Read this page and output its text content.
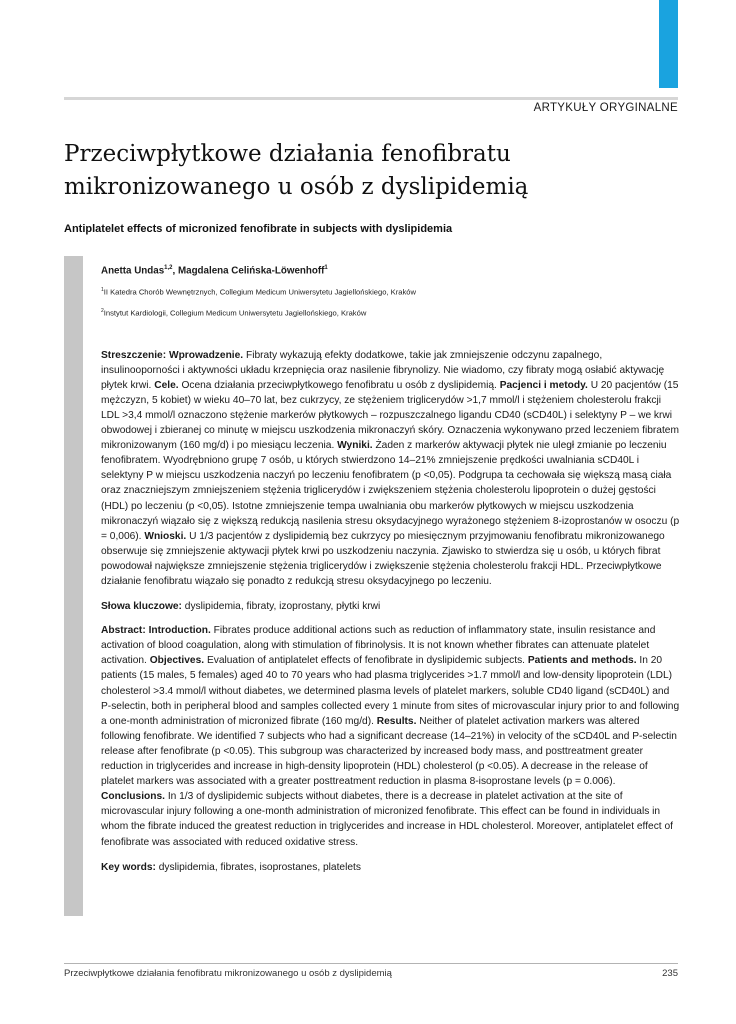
ARTYKUŁY ORYGINALNE
Przeciwpłytkowe działania fenofibratu mikronizowanego u osób z dyslipidemią

Antiplatelet effects of micronized fenofibrate in subjects with dyslipidemia

Anetta Undas$^{1,2}$, Magdalena Celińska-Löwenhoff$^1$

$^1$II Katedra Chorób Wewnętrznych, Collegium Medicum Uniwersytetu Jagiellońskiego, Kraków

$^2$Instytut Kardiologii, Collegium Medicum Uniwersytetu Jagiellońskiego, Kraków

Streszczenie: Wprowadzenie. Fibraty wykazują efekty dodatkowe, takie jak zmniejszenie odczynu zapalnego, insulinooporności i aktywności układu krzepnięcia oraz nasilenie fibrynolizy. Nie wiadomo, czy fibraty mogą osłabić aktywację płytek krwi. Cele. Ocena działania przeciwpłytkowego fenofibratu u osób z dyslipidemią. Pacjenci i metody. U 20 pacjentów (15 mężczyzn, 5 kobiet) w wieku 40–70 lat, bez cukrzycy, ze stężeniem triglicerydów >1,7 mmol/l i stężeniem cholesterolu frakcji LDL >3,4 mmol/l oznaczono stężenie markerów płytkowych – rozpuszczalnego ligandu CD40 (sCD40L) i selektyny P – we krwi obwodowej i zbieranej co minutę w miejscu uszkodzenia mikronaczyń skóry. Oznaczenia wykonywano przed leczeniem fibratem mikronizowanym (160 mg/d) i po miesiącu leczenia. Wyniki. Żaden z markerów aktywacji płytek nie uległ zmianie po leczeniu fenofibratem. Wyodrębniono grupę 7 osób, u których stwierdzono 14–21% zmniejszenie prędkości uwalniania sCD40L i selektyny P w miejscu uszkodzenia naczyń po leczeniu fenofibratem (p <0,05). Podgrupa ta cechowała się większą masą ciała oraz znaczniejszym zmniejszeniem stężenia triglicerydów i zwiększeniem stężenia cholesterolu lipoprotein o dużej gęstości (HDL) po leczeniu (p <0,05). Istotne zmniejszenie tempa uwalniania obu markerów płytkowych w miejscu uszkodzenia mikronaczyń wiązało się z większą redukcją nasilenia stresu oksydacyjnego wyrażonego stężeniem 8-izoprostanów w osoczu (p = 0,006). Wnioski. U 1/3 pacjentów z dyslipidemią bez cukrzycy po miesięcznym przyjmowaniu fenofibratu mikronizowanego obserwuje się zmniejszenie aktywacji płytek krwi po uszkodzeniu naczynia. Zjawisko to stwierdza się u osób, u których fibrat powodował największe zmniejszenie stężenia triglicerydów i zwiększenie stężenia cholesterolu frakcji HDL. Przeciwpłytkowe działanie fenofibratu wiązało się ponadto z redukcją stresu oksydacyjnego po leczeniu.

Słowa kluczowe: dyslipidemia, fibraty, izoprostany, płytki krwi

Abstract: Introduction. Fibrates produce additional actions such as reduction of inflammatory state, insulin resistance and activation of blood coagulation, along with stimulation of fibrinolysis. It is not known whether fibrates can attenuate platelet activation. Objectives. Evaluation of antiplatelet effects of fenofibrate in dyslipidemic subjects. Patients and methods. In 20 patients (15 males, 5 females) aged 40 to 70 years who had plasma triglycerides >1.7 mmol/l and low-density lipoprotein (LDL) cholesterol >3.4 mmol/l without diabetes, we determined plasma levels of platelet markers, soluble CD40 ligand (sCD40L) and P-selectin, both in peripheral blood and samples collected every 1 minute from sites of microvascular injury prior to and following a one-month administration of micronized fibrate (160 mg/d). Results. Neither of platelet activation markers was altered following fenofibrate. We identified 7 subjects who had a significant decrease (14–21%) in velocity of the sCD40L and P-selectin release after fenofibrate (p <0.05). This subgroup was characterized by increased body mass, and posttreatment greater reduction in triglycerides and increase in high-density lipoprotein (HDL) cholesterol (p <0.05). A decrease in the release of platelet markers was associated with a greater posttreatment reduction in plasma 8-isoprostane levels (p = 0.006). Conclusions. In 1/3 of dyslipidemic subjects without diabetes, there is a decrease in platelet activation at the site of microvascular injury following a one-month administration of micronized fenofibrate. This effect can be found in individuals in whom the fibrate induced the greatest reduction in triglycerides and increase in HDL cholesterol. Moreover, antiplatelet effect of fenofibrate was associated with reduced oxidative stress.

Key words: dyslipidemia, fibrates, isoprostanes, platelets

Przeciwpłytkowe działania fenofibratu mikronizowanego u osób z dyslipidemią	235
